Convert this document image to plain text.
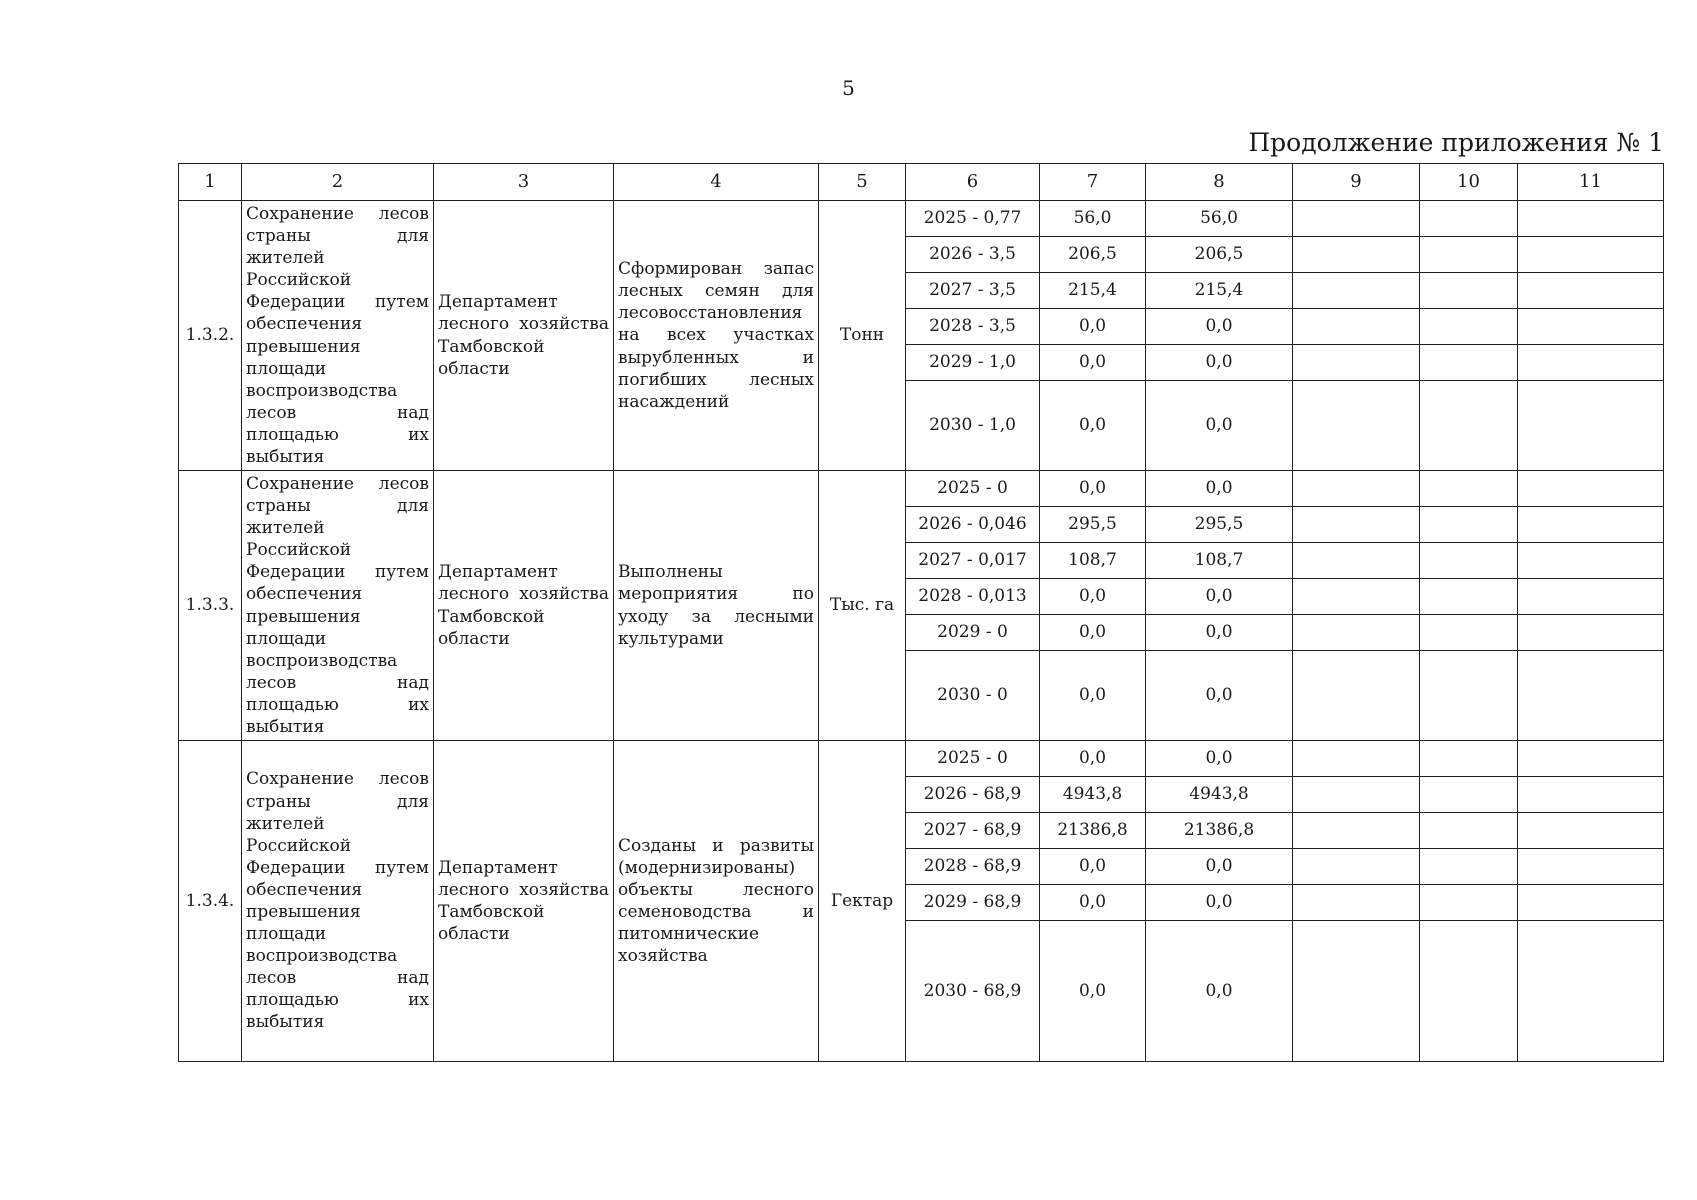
5
Продолжение приложения № 1
1	2	3	4	5	6	7	8	9	10	11
1.3.2.	Сохранение лесов страны для жителей Российской Федерации путем обеспечения превышения площади воспроизводства лесов над площадью их выбытия	Департамент лесного хозяйства Тамбовской области	Сформирован запас лесных семян для лесовосстановления на всех участках вырубленных и погибших лесных насаждений	Тонн	2025 - 0,77	56,0	56,0			
					2026 - 3,5	206,5	206,5			
					2027 - 3,5	215,4	215,4			
					2028 - 3,5	0,0	0,0			
					2029 - 1,0	0,0	0,0			
					2030 - 1,0	0,0	0,0			
1.3.3.	Сохранение лесов страны для жителей Российской Федерации путем обеспечения превышения площади воспроизводства лесов над площадью их выбытия	Департамент лесного хозяйства Тамбовской области	Выполнены мероприятия по уходу за лесными культурами	Тыс. га	2025 - 0	0,0	0,0			
					2026 - 0,046	295,5	295,5			
					2027 - 0,017	108,7	108,7			
					2028 - 0,013	0,0	0,0			
					2029 - 0	0,0	0,0			
					2030 - 0	0,0	0,0			
1.3.4.	Сохранение лесов страны для жителей Российской Федерации путем обеспечения превышения площади воспроизводства лесов над площадью их выбытия	Департамент лесного хозяйства Тамбовской области	Созданы и развиты (модернизированы) объекты лесного семеноводства и питомнические хозяйства	Гектар	2025 - 0	0,0	0,0			
					2026 - 68,9	4943,8	4943,8			
					2027 - 68,9	21386,8	21386,8			
					2028 - 68,9	0,0	0,0			
					2029 - 68,9	0,0	0,0			
					2030 - 68,9	0,0	0,0			
